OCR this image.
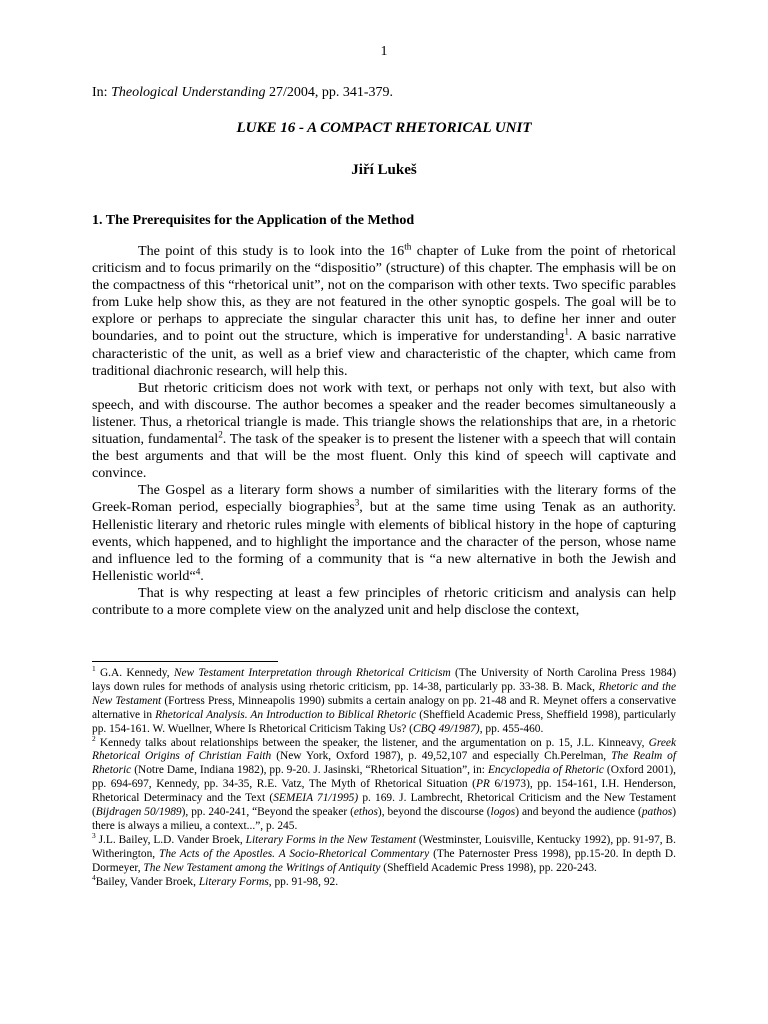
1
In: Theological Understanding 27/2004, pp. 341-379.
LUKE 16 - A COMPACT RHETORICAL UNIT
Jiří Lukeš
1. The Prerequisites for the Application of the Method

The point of this study is to look into the 16th chapter of Luke from the point of rhetorical criticism and to focus primarily on the “dispositio” (structure) of this chapter. The emphasis will be on the compactness of this “rhetorical unit”, not on the comparison with other texts. Two specific parables from Luke help show this, as they are not featured in the other synoptic gospels. The goal will be to explore or perhaps to appreciate the singular character this unit has, to define her inner and outer boundaries, and to point out the structure, which is imperative for understanding$^1$. A basic narrative characteristic of the unit, as well as a brief view and characteristic of the chapter, which came from traditional diachronic research, will help this.

But rhetoric criticism does not work with text, or perhaps not only with text, but also with speech, and with discourse. The author becomes a speaker and the reader becomes simultaneously a listener. Thus, a rhetorical triangle is made. This triangle shows the relationships that are, in a rhetoric situation, fundamental$^2$. The task of the speaker is to present the listener with a speech that will contain the best arguments and that will be the most fluent. Only this kind of speech will captivate and convince.

The Gospel as a literary form shows a number of similarities with the literary forms of the Greek-Roman period, especially biographies$^3$, but at the same time using Tenak as an authority. Hellenistic literary and rhetoric rules mingle with elements of biblical history in the hope of capturing events, which happened, and to highlight the importance and the character of the person, whose name and influence led to the forming of a community that is “a new alternative in both the Jewish and Hellenistic world“$^4$.

That is why respecting at least a few principles of rhetoric criticism and analysis can help contribute to a more complete view on the analyzed unit and help disclose the context,

$^1$ G.A. Kennedy, New Testament Interpretation through Rhetorical Criticism (The University of North Carolina Press 1984) lays down rules for methods of analysis using rhetoric criticism, pp. 14-38, particularly pp. 33-38. B. Mack, Rhetoric and the New Testament (Fortress Press, Minneapolis 1990) submits a certain analogy on pp. 21-48 and R. Meynet offers a conservative alternative in Rhetorical Analysis. An Introduction to Biblical Rhetoric (Sheffield Academic Press, Sheffield 1998), particularly pp. 154-161. W. Wuellner, Where Is Rhetorical Criticism Taking Us? (CBQ 49/1987), pp. 455-460.

$^2$ Kennedy talks about relationships between the speaker, the listener, and the argumentation on p. 15, J.L. Kinneavy, Greek Rhetorical Origins of Christian Faith (New York, Oxford 1987), p. 49,52,107 and especially Ch.Perelman, The Realm of Rhetoric (Notre Dame, Indiana 1982), pp. 9-20. J. Jasinski, “Rhetorical Situation”, in: Encyclopedia of Rhetoric (Oxford 2001), pp. 694-697, Kennedy, pp. 34-35, R.E. Vatz, The Myth of Rhetorical Situation (PR 6/1973), pp. 154-161, I.H. Henderson, Rhetorical Determinacy and the Text (SEMEIA 71/1995) p. 169. J. Lambrecht, Rhetorical Criticism and the New Testament (Bijdragen 50/1989), pp. 240-241, “Beyond the speaker (ethos), beyond the discourse (logos) and beyond the audience (pathos) there is always a milieu, a context...”, p. 245.

$^3$ J.L. Bailey, L.D. Vander Broek, Literary Forms in the New Testament (Westminster, Louisville, Kentucky 1992), pp. 91-97, B. Witherington, The Acts of the Apostles. A Socio-Rhetorical Commentary (The Paternoster Press 1998), pp.15-20. In depth D. Dormeyer, The New Testament among the Writings of Antiquity (Sheffield Academic Press 1998), pp. 220-243.

$^4$Bailey, Vander Broek, Literary Forms, pp. 91-98, 92.
